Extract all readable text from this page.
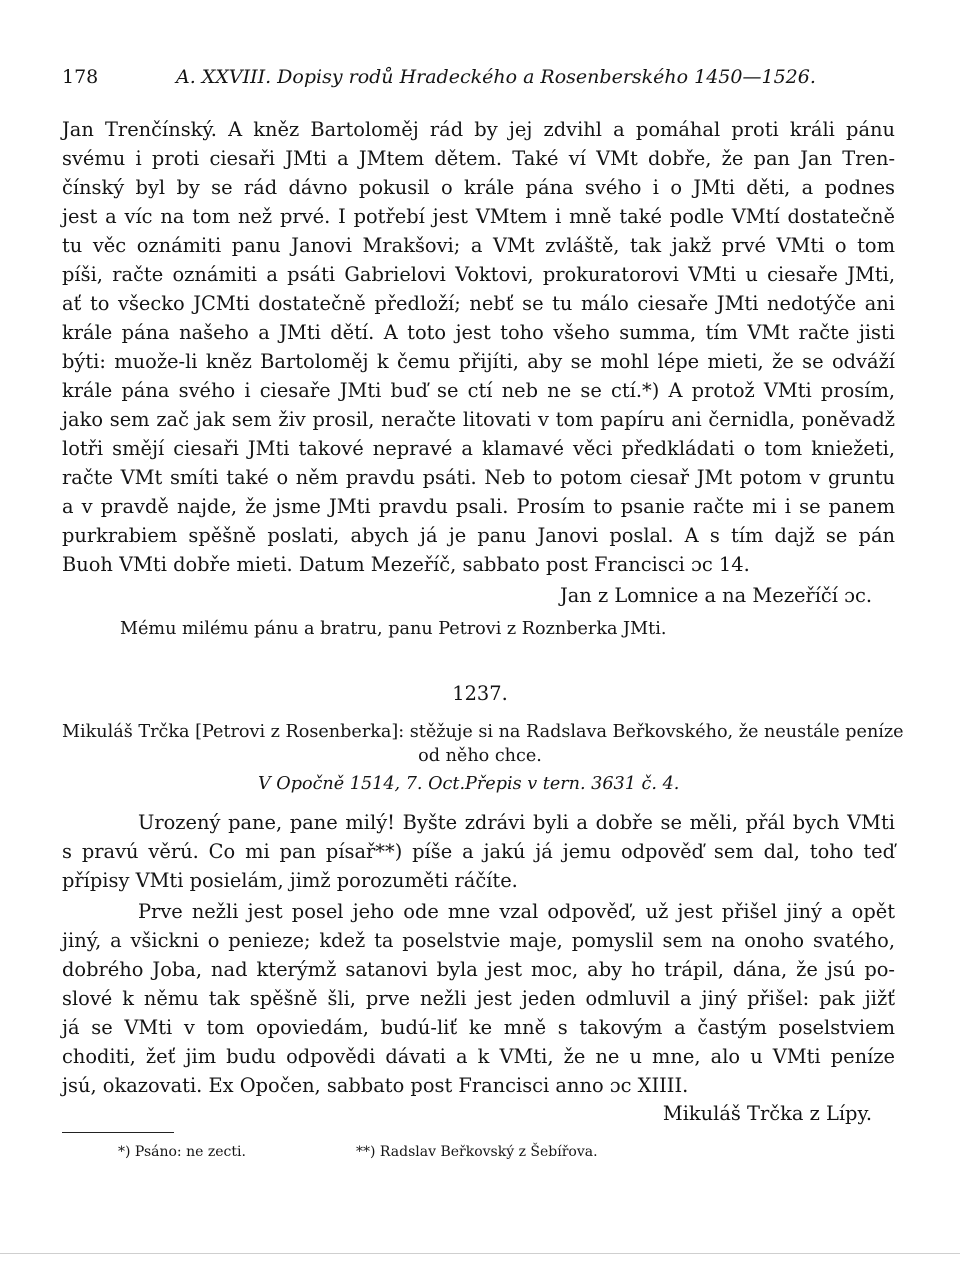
178	A. XXVIII. Dopisy rodů Hradeckého a Rosenberského 1450—1526.
Jan Trenčínský. A kněz Bartoloměj rád by jej zdvihl a pomáhal proti králi pánu
svému i proti ciesaři JMti a JMtem dětem. Také ví VMt dobře, že pan Jan Tren-
čínský byl by se rád dávno pokusil o krále pána svého i o JMti děti, a podnes
jest a víc na tom než prvé. I potřebí jest VMtem i mně také podle VMtí dostatečně
tu věc oznámiti panu Janovi Mrakšovi; a VMt zvláště, tak jakž prvé VMti o tom
píši, račte oznámiti a psáti Gabrielovi Voktovi, prokuratorovi VMti u ciesaře JMti,
ať to všecko JCMti dostatečně předloží; nebť se tu málo ciesaře JMti nedotýče ani
krále pána našeho a JMti dětí. A toto jest toho všeho summa, tím VMt račte jisti
býti: muože-li kněz Bartoloměj k čemu přijíti, aby se mohl lépe mieti, že se odváží
krále pána svého i ciesaře JMti buď se ctí neb ne se ctí.*) A protož VMti prosím,
jako sem zač jak sem živ prosil, neračte litovati v tom papíru ani černidla, poněvadž
lotři smějí ciesaři JMti takové nepravé a klamavé věci předkládati o tom kniežeti,
račte VMt smíti také o něm pravdu psáti. Neb to potom ciesař JMt potom v gruntu
a v pravdě najde, že jsme JMti pravdu psali. Prosím to psanie račte mi i se panem
purkrabiem spěšně poslati, abych já je panu Janovi poslal. A s tím dajž se pán
Buoh VMti dobře mieti. Datum Mezeříč, sabbato post Francisci ɔc 14.
Jan z Lomnice a na Mezeříčí ɔc.
Mému milému pánu a bratru, panu Petrovi z Roznberka JMti.
1237.
Mikuláš Trčka [Petrovi z Rosenberka]: stěžuje si na Radslava Beřkovského, že neustále peníze
od něho chce.
V Opočně 1514, 7. Oct.Přepis v tern. 3631 č. 4.
Urozený pane, pane milý! Byšte zdrávi byli a dobře se měli, přál bych VMti
s pravú věrú. Co mi pan písař**) píše a jakú já jemu odpověď sem dal, toho teď
přípisy VMti posielám, jimž porozuměti ráčíte.
Prve nežli jest posel jeho ode mne vzal odpověď, už jest přišel jiný a opět
jiný, a všickni o penieze; kdež ta poselstvie maje, pomyslil sem na onoho svatého,
dobrého Joba, nad kterýmž satanovi byla jest moc, aby ho trápil, dána, že jsú po-
slové k němu tak spěšně šli, prve nežli jest jeden odmluvil a jiný přišel: pak jižť
já se VMti v tom opoviedám, budú-liť ke mně s takovým a častým poselstviem
choditi, žeť jim budu odpovědi dávati a k VMti, že ne u mne, alo u VMti peníze
jsú, okazovati. Ex Opočen, sabbato post Francisci anno ɔc XIIII.
Mikuláš Trčka z Lípy.
*) Psáno: ne zecti.	**) Radslav Beřkovský z Šebířova.
